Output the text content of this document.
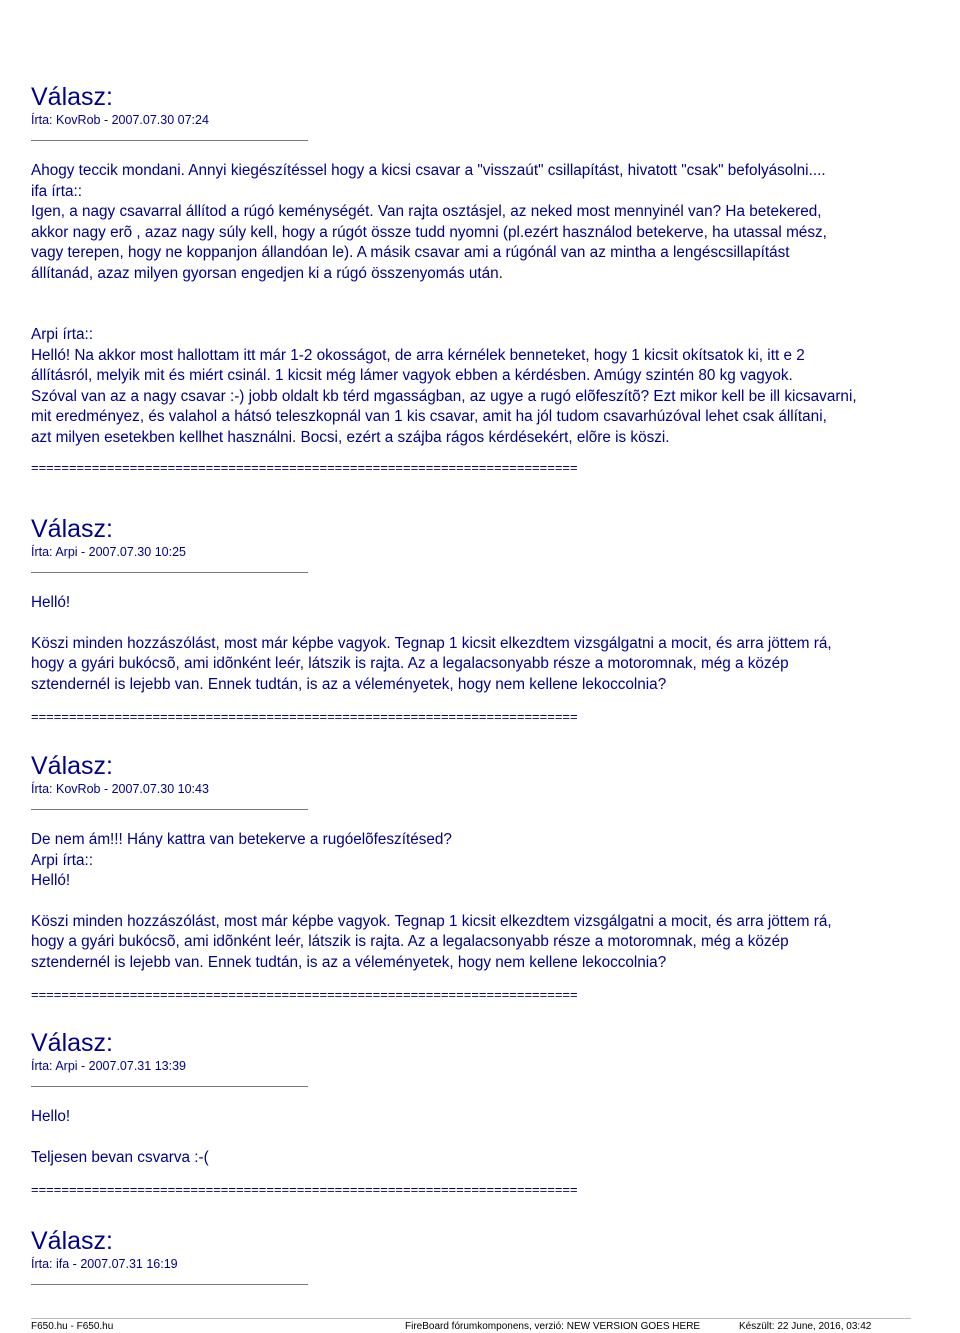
Válasz:
Írta: KovRob - 2007.07.30 07:24
Ahogy teccik mondani. Annyi kiegészítéssel hogy a kicsi csavar a "visszaút" csillapítást, hivatott "csak" befolyásolni....
ifa írta::
Igen, a nagy csavarral állítod a rúgó keménységét. Van rajta osztásjel, az neked most mennyinél van? Ha betekered,
akkor nagy erõ , azaz nagy súly kell, hogy a rúgót össze tudd nyomni (pl.ezért használod betekerve, ha utassal mész,
vagy terepen, hogy ne koppanjon állandóan le). A másik csavar ami a rúgónál van az mintha a lengéscsillapítást
állítanád, azaz milyen gyorsan engedjen ki a rúgó összenyomás után.
Arpi írta::
Helló! Na akkor most hallottam itt már 1-2 okosságot, de arra kérnélek benneteket, hogy 1 kicsit okítsatok ki, itt e 2
állításról, melyik mit és miért csinál. 1 kicsit még lámer vagyok ebben a kérdésben. Amúgy szintén 80 kg vagyok.
Szóval van az a nagy csavar :-) jobb oldalt kb térd mgasságban, az ugye a rugó elõfeszítõ? Ezt mikor kell be ill kicsavarni,
mit eredményez, és valahol a hátsó teleszkopnál van 1 kis csavar, amit ha jól tudom csavarhúzóval lehet csak állítani,
azt milyen esetekben kellhet használni. Bocsi, ezért a szájba rágos kérdésekért, elõre is köszi.
========================================================================
Válasz:
Írta: Arpi - 2007.07.30 10:25
Helló!
Köszi minden hozzászólást, most már képbe vagyok. Tegnap 1 kicsit elkezdtem vizsgálgatni a mocit, és arra jöttem rá,
hogy a gyári bukócsõ, ami idõnként leér, látszik is rajta. Az a legalacsonyabb része a motoromnak, még a közép
sztendernél is lejebb van. Ennek tudtán, is az a véleményetek, hogy nem kellene lekoccolnia?
========================================================================
Válasz:
Írta: KovRob - 2007.07.30 10:43
De nem ám!!! Hány kattra van betekerve a rugóelõfeszítésed?
Arpi írta::
Helló!
Köszi minden hozzászólást, most már képbe vagyok. Tegnap 1 kicsit elkezdtem vizsgálgatni a mocit, és arra jöttem rá,
hogy a gyári bukócsõ, ami idõnként leér, látszik is rajta. Az a legalacsonyabb része a motoromnak, még a közép
sztendernél is lejebb van. Ennek tudtán, is az a véleményetek, hogy nem kellene lekoccolnia?
========================================================================
Válasz:
Írta: Arpi - 2007.07.31 13:39
Hello!
Teljesen bevan csvarva :-(
========================================================================
Válasz:
Írta: ifa - 2007.07.31 16:19
F650.hu - F650.hu	FireBoard fórumkomponens, verzió: NEW VERSION GOES HERE	Készült: 22 June, 2016, 03:42
